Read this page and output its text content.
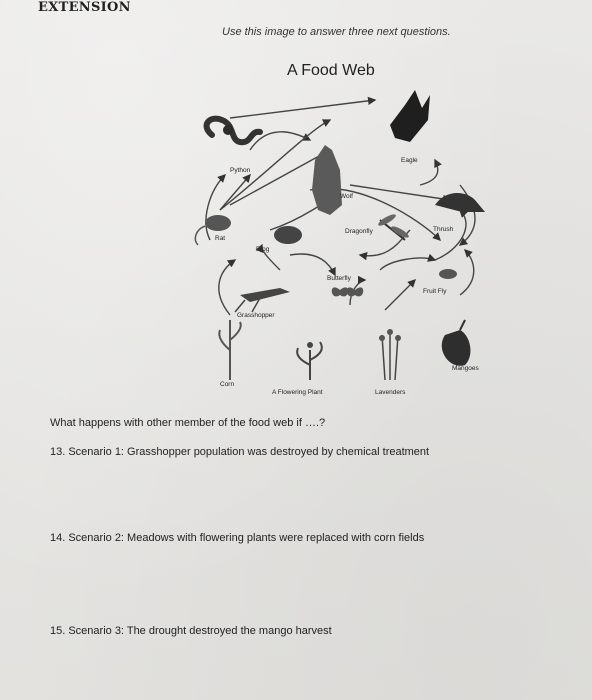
EXTENSION
Use this image to answer three next questions.
A Food Web
Python
Eagle
Wolf
Rat
Frog
Dragonfly	Thrush
Butterfly
Fruit Fly
Grasshopper
Mangoes
Corn
A Flowering Plant	Lavenders
What happens with other member of the food web if ….?
13. Scenario 1: Grasshopper population was destroyed by chemical treatment
14. Scenario 2: Meadows with flowering plants were replaced with corn fields
15. Scenario 3: The drought destroyed the mango harvest
